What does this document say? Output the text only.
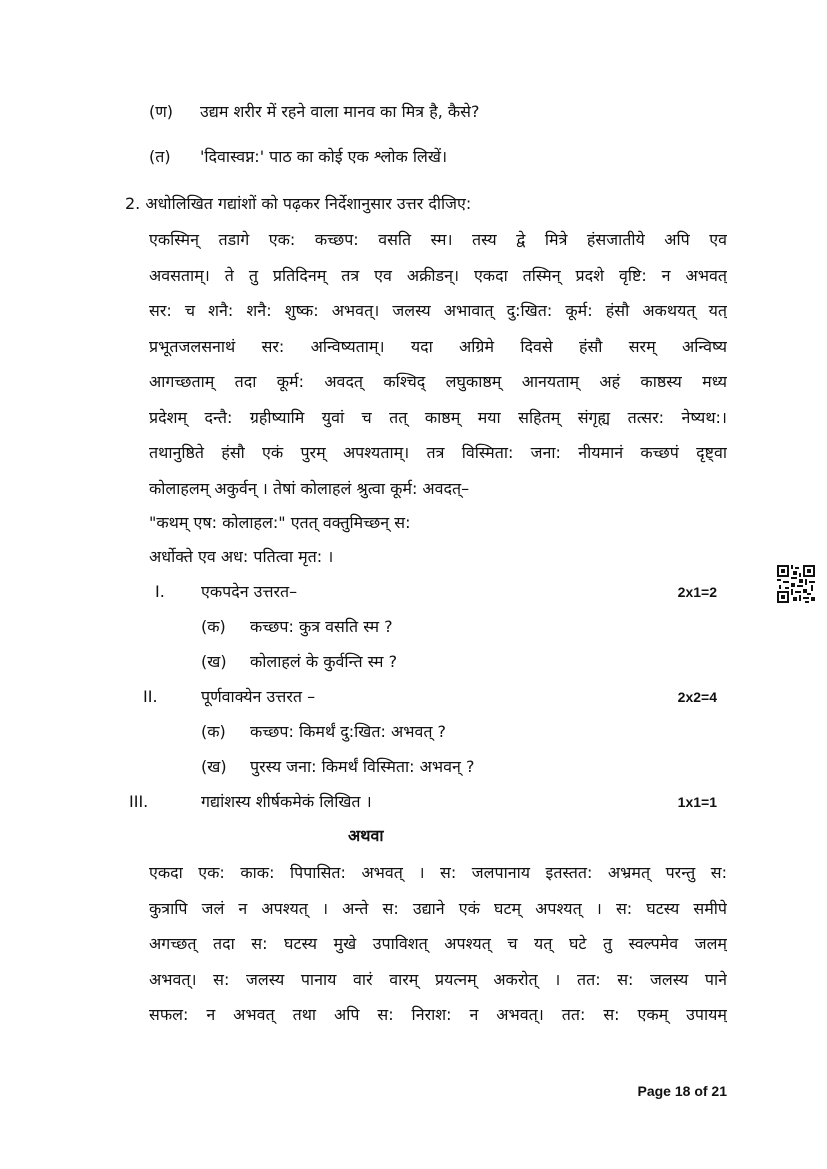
(ण) उद्यम शरीर में रहने वाला मानव का मित्र है, कैसे?
(त) 'दिवास्वप्न:' पाठ का कोई एक श्लोक लिखें।
2. अधोलिखित गद्यांशों को पढ़कर निर्देशानुसार उत्तर दीजिए:
एकस्मिन् तडागे एक: कच्छप: वसति स्म। तस्य द्वे मित्रे हंसजातीये अपि एव
अवसताम्। ते तु प्रतिदिनम् तत्र एव अक्रीडन्। एकदा तस्मिन् प्रदशे वृष्टि: न अभवत्
सर: च शनै: शनै: शुष्क: अभवत्। जलस्य अभावात् दु:खित: कूर्म: हंसौ अकथयत् यत्
प्रभूतजलसनाथं सर: अन्विष्यताम्। यदा अग्रिमे दिवसे हंसौ सरम् अन्विष्य
आगच्छताम् तदा कूर्म: अवदत् कश्चिद् लघुकाष्ठम् आनयताम् अहं काष्ठस्य मध्य
प्रदेशम् दन्तै: ग्रहीष्यामि युवां च तत् काष्ठम् मया सहितम् संगृह्य तत्सर: नेष्यथ:।
तथानुष्ठिते हंसौ एकं पुरम् अपश्यताम्। तत्र विस्मिता: जना: नीयमानं कच्छपं दृष्ट्वा
कोलाहलम् अकुर्वन् । तेषां कोलाहलं श्रुत्वा कूर्म: अवदत्–
"कथम् एष: कोलाहल:" एतत् वक्तुमिच्छन् स:
अर्धोक्ते एव अध: पतित्वा मृत: ।
I. एकपदेन उत्तरत–	2x1=2
(क) कच्छप: कुत्र वसति स्म ?
(ख) कोलाहलं के कुर्वन्ति स्म ?
II.	पूर्णवाक्येन उत्तरत –	2x2=4
(क) कच्छप: किमर्थं दु:खित: अभवत् ?
(ख) पुरस्य जना: किमर्थं विस्मिता: अभवन् ?
III.	गद्यांशस्य शीर्षकमेकं लिखित ।	1x1=1
अथवा
एकदा एक: काक: पिपासित: अभवत् । स: जलपानाय इतस्तत: अभ्रमत् परन्तु स:
कुत्रापि जलं न अपश्यत् । अन्ते स: उद्याने एकं घटम् अपश्यत् । स: घटस्य समीपे
अगच्छत् तदा स: घटस्य मुखे उपाविशत् अपश्यत् च यत् घटे तु स्वल्पमेव जलम्
अभवत्। स: जलस्य पानाय वारं वारम् प्रयत्नम् अकरोत् । तत: स: जलस्य पाने
सफल: न अभवत् तथा अपि स: निराश: न अभवत्। तत: स: एकम् उपायम्
Page 18 of 21
